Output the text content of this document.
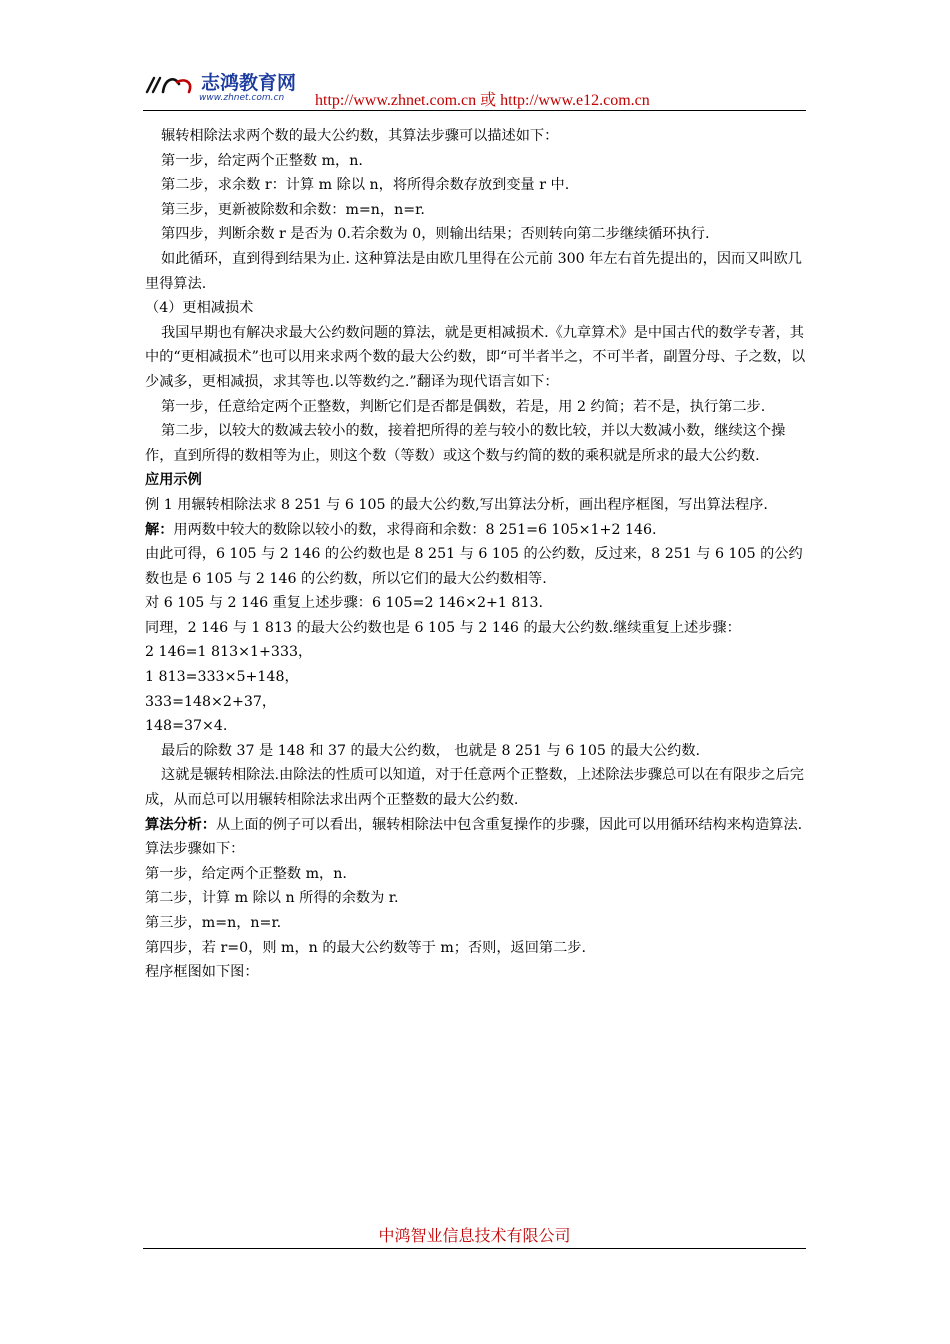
志鸿教育网
www.zhnet.com.cn http://www.zhnet.com.cn 或 http://www.e12.com.cn

辗转相除法求两个数的最大公约数，其算法步骤可以描述如下：

第一步，给定两个正整数 m，n.

第二步，求余数 r：计算 m 除以 n，将所得余数存放到变量 r 中.

第三步，更新被除数和余数：m=n，n=r.

第四步，判断余数 r 是否为 0.若余数为 0，则输出结果；否则转向第二步继续循环执行.

如此循环，直到得到结果为止. 这种算法是由欧几里得在公元前 300 年左右首先提出的，因而又叫欧几里得算法.

（4）更相减损术

我国早期也有解决求最大公约数问题的算法，就是更相减损术.《九章算术》是中国古代的数学专著，其中的“更相减损术”也可以用来求两个数的最大公约数，即“可半者半之，不可半者，副置分母、子之数，以少减多，更相减损，求其等也.以等数约之.”翻译为现代语言如下：

第一步，任意给定两个正整数，判断它们是否都是偶数，若是，用 2 约简；若不是，执行第二步.

第二步，以较大的数减去较小的数，接着把所得的差与较小的数比较，并以大数减小数，继续这个操作，直到所得的数相等为止，则这个数（等数）或这个数与约简的数的乘积就是所求的最大公约数.

应用示例

例 1 用辗转相除法求 8 251 与 6 105 的最大公约数,写出算法分析，画出程序框图，写出算法程序.

解：用两数中较大的数除以较小的数，求得商和余数：8 251=6 105×1+2 146.

由此可得，6 105 与 2 146 的公约数也是 8 251 与 6 105 的公约数，反过来，8 251 与 6 105 的公约数也是 6 105 与 2 146 的公约数，所以它们的最大公约数相等.

对 6 105 与 2 146 重复上述步骤：6 105=2 146×2+1 813.

同理，2 146 与 1 813 的最大公约数也是 6 105 与 2 146 的最大公约数.继续重复上述步骤：

2 146=1 813×1+333，

1 813=333×5+148，

333=148×2+37，

148=37×4.

最后的除数 37 是 148 和 37 的最大公约数， 也就是 8 251 与 6 105 的最大公约数.

这就是辗转相除法.由除法的性质可以知道，对于任意两个正整数，上述除法步骤总可以在有限步之后完成，从而总可以用辗转相除法求出两个正整数的最大公约数.

算法分析：从上面的例子可以看出，辗转相除法中包含重复操作的步骤，因此可以用循环结构来构造算法.

算法步骤如下：

第一步，给定两个正整数 m，n.

第二步，计算 m 除以 n 所得的余数为 r.

第三步，m=n，n=r.

第四步，若 r=0，则 m，n 的最大公约数等于 m；否则，返回第二步.

程序框图如下图：

中鸿智业信息技术有限公司
